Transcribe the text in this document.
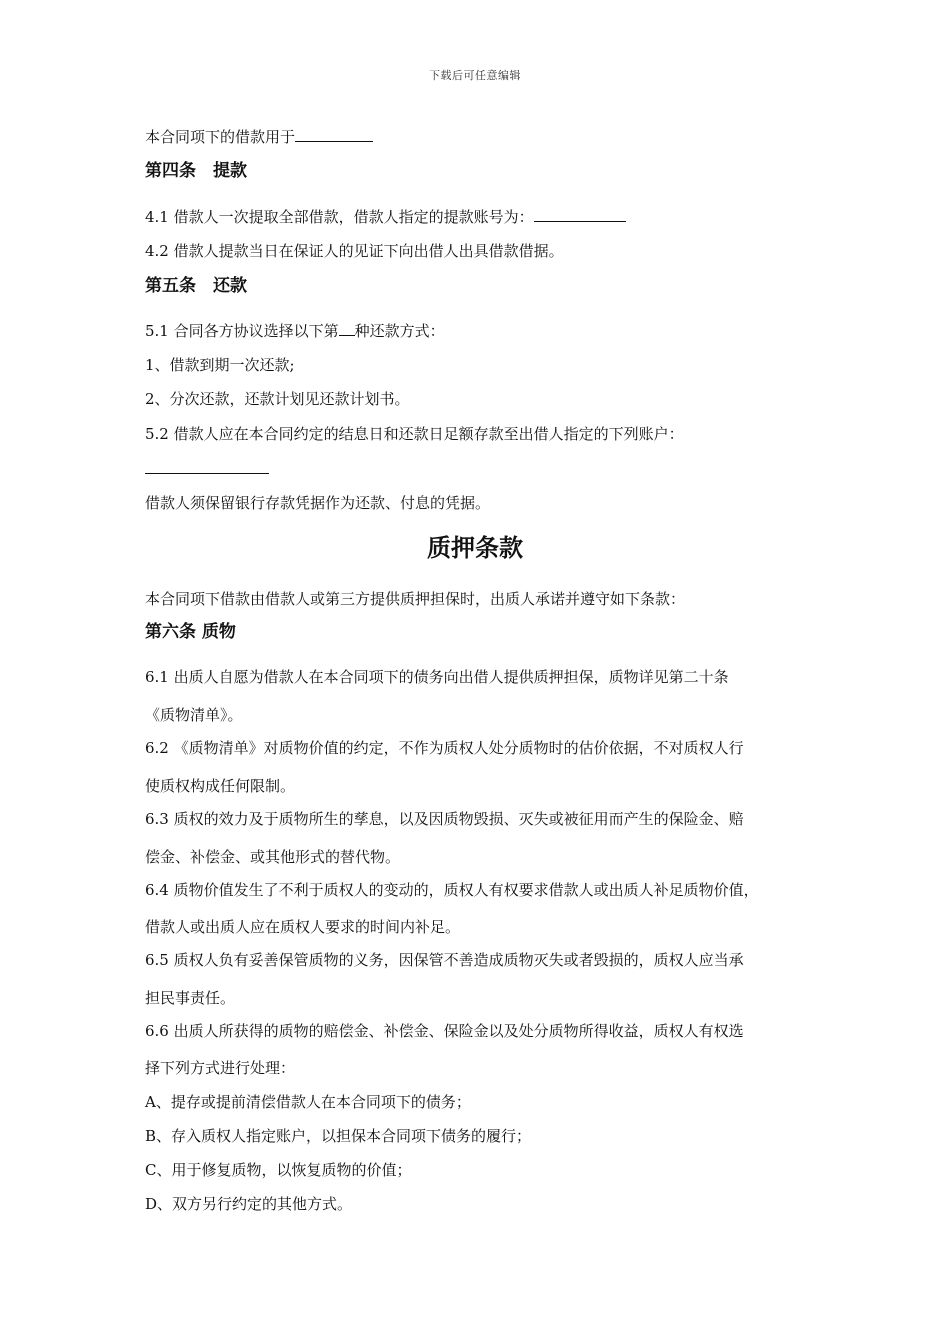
下载后可任意编辑
本合同项下的借款用于
第四条　提款
4.1 借款人一次提取全部借款，借款人指定的提款账号为：
4.2 借款人提款当日在保证人的见证下向出借人出具借款借据。
第五条　还款
5.1 合同各方协议选择以下第 种还款方式：
1、借款到期一次还款;
2、分次还款，还款计划见还款计划书。
5.2 借款人应在本合同约定的结息日和还款日足额存款至出借人指定的下列账户：
借款人须保留银行存款凭据作为还款、付息的凭据。
质押条款
本合同项下借款由借款人或第三方提供质押担保时，出质人承诺并遵守如下条款：
第六条 质物
6.1 出质人自愿为借款人在本合同项下的债务向出借人提供质押担保，质物详见第二十条
《质物清单》。
6.2 《质物清单》对质物价值的约定，不作为质权人处分质物时的估价依据，不对质权人行
使质权构成任何限制。
6.3 质权的效力及于质物所生的孳息，以及因质物毁损、灭失或被征用而产生的保险金、赔
偿金、补偿金、或其他形式的替代物。
6.4 质物价值发生了不利于质权人的变动的，质权人有权要求借款人或出质人补足质物价值，
借款人或出质人应在质权人要求的时间内补足。
6.5 质权人负有妥善保管质物的义务，因保管不善造成质物灭失或者毁损的，质权人应当承
担民事责任。
6.6 出质人所获得的质物的赔偿金、补偿金、保险金以及处分质物所得收益，质权人有权选
择下列方式进行处理：
A、提存或提前清偿借款人在本合同项下的债务；
B、存入质权人指定账户，以担保本合同项下债务的履行；
C、用于修复质物，以恢复质物的价值；
D、双方另行约定的其他方式。
